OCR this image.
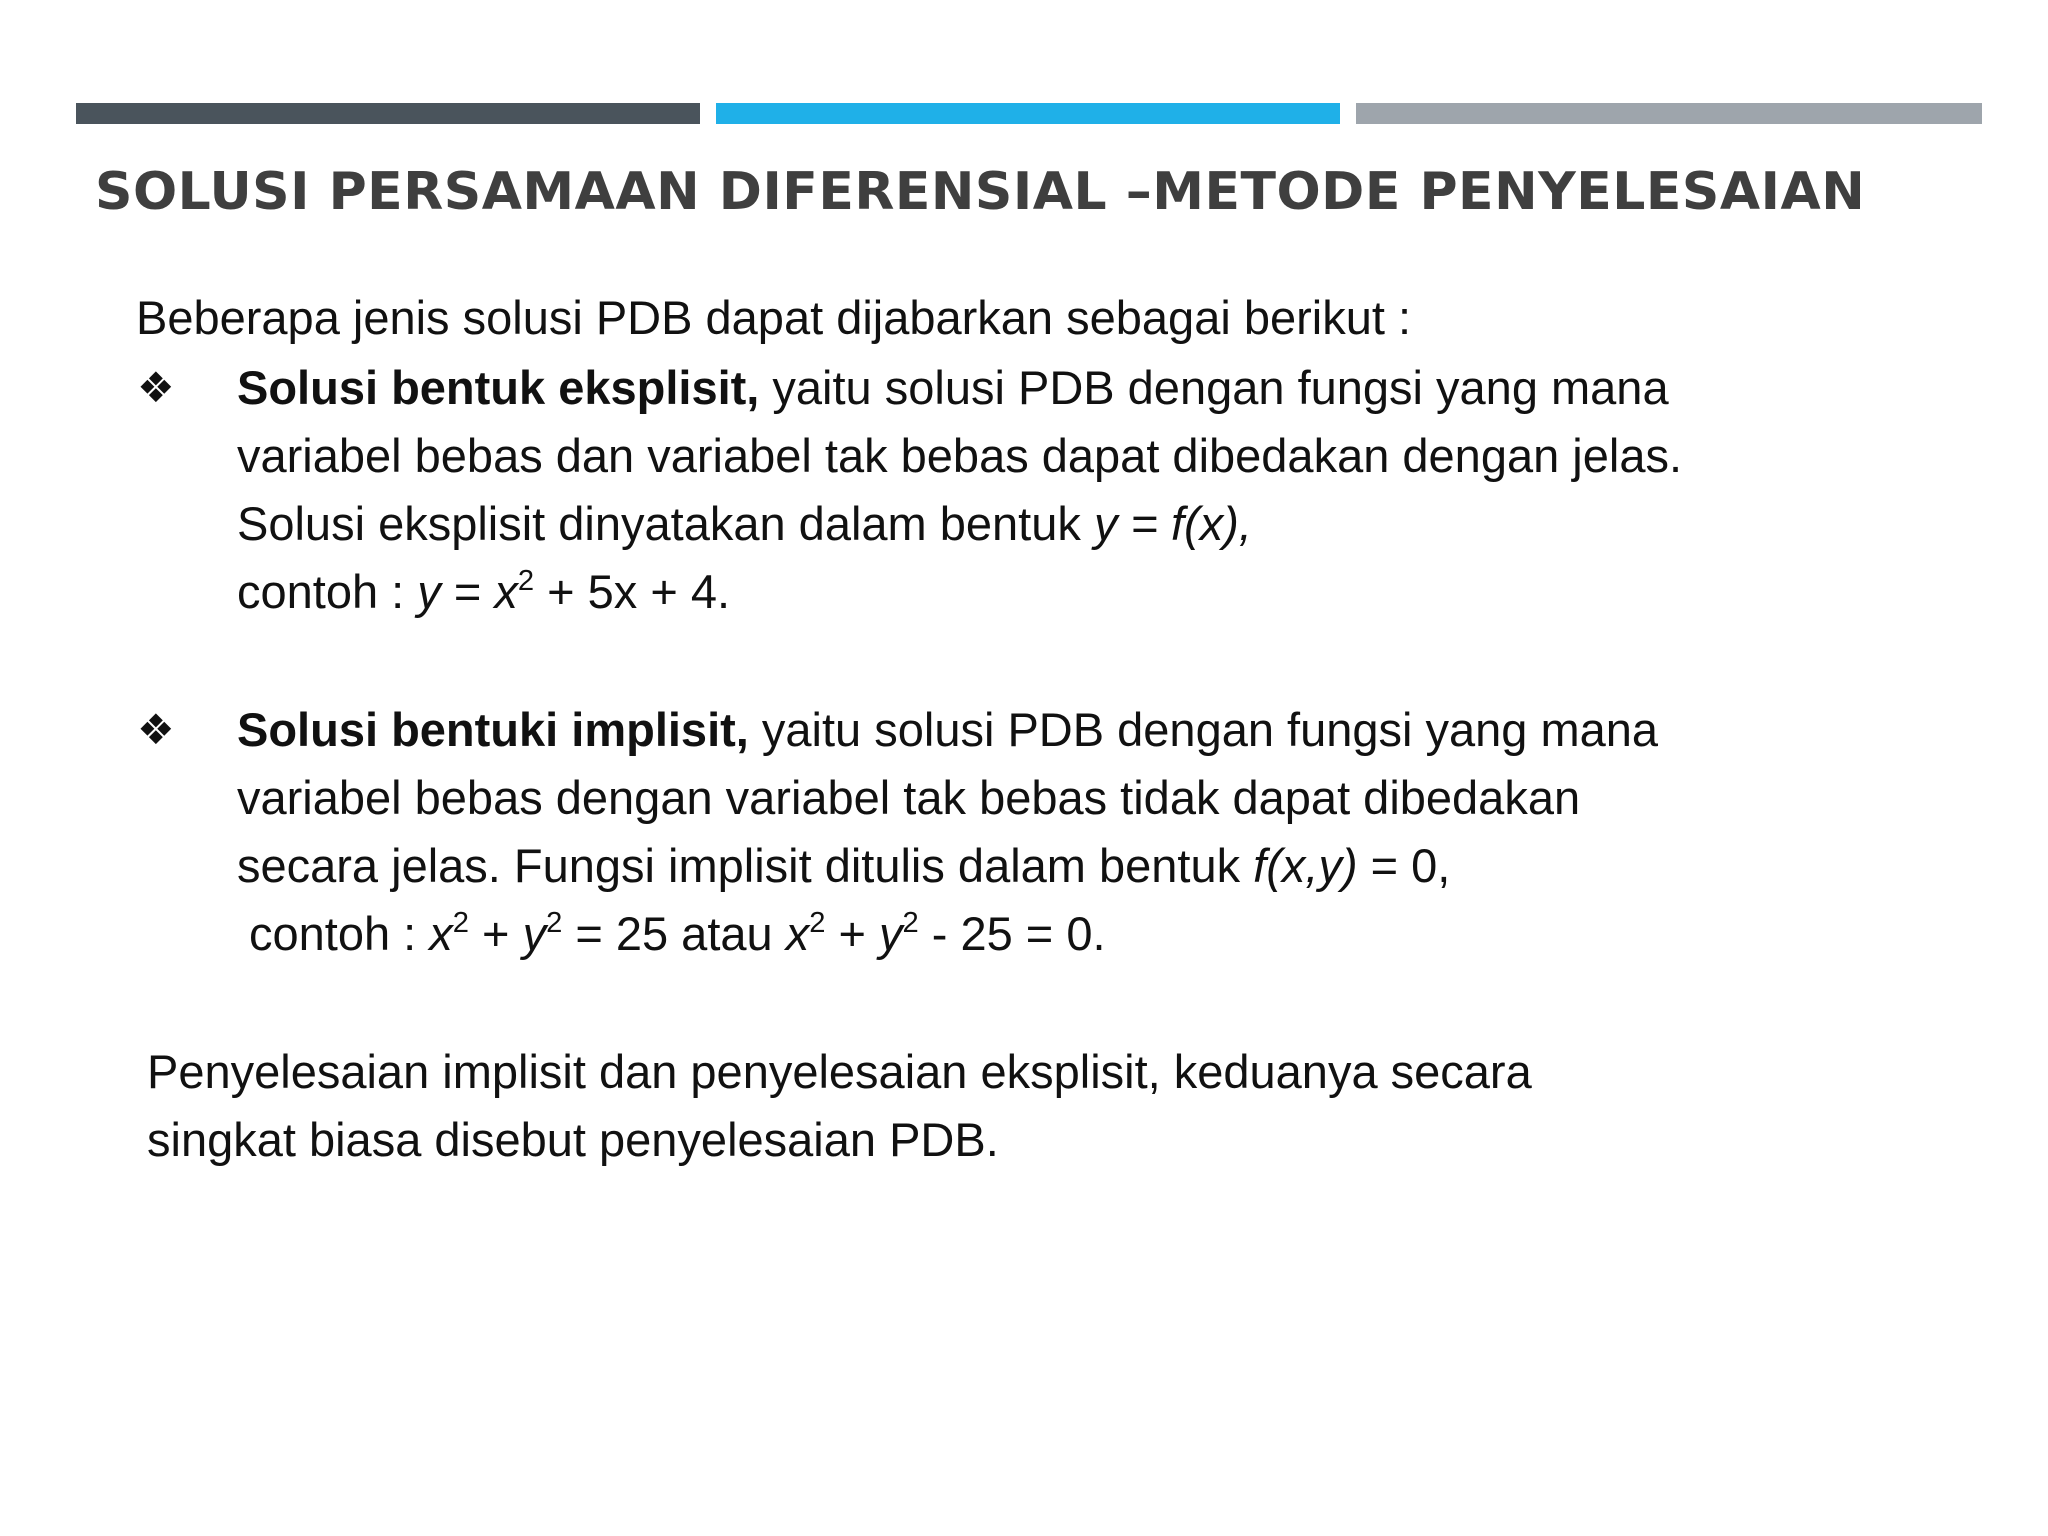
SOLUSI PERSAMAAN DIFERENSIAL –METODE PENYELESAIAN
Beberapa jenis solusi PDB dapat dijabarkan sebagai berikut :
❖ Solusi bentuk eksplisit, yaitu solusi PDB dengan fungsi yang mana
variabel bebas dan variabel tak bebas dapat dibedakan dengan jelas.
Solusi eksplisit dinyatakan dalam bentuk y = f(x),
contoh : $y = x^2 + 5x + 4$.
❖ Solusi bentuki implisit, yaitu solusi PDB dengan fungsi yang mana
variabel bebas dengan variabel tak bebas tidak dapat dibedakan
secara jelas. Fungsi implisit ditulis dalam bentuk f(x,y) = 0,
contoh : $x^2 + y^2 = 25$ atau $x^2 + y^2 - 25 = 0$.
Penyelesaian implisit dan penyelesaian eksplisit, keduanya secara
singkat biasa disebut penyelesaian PDB.
